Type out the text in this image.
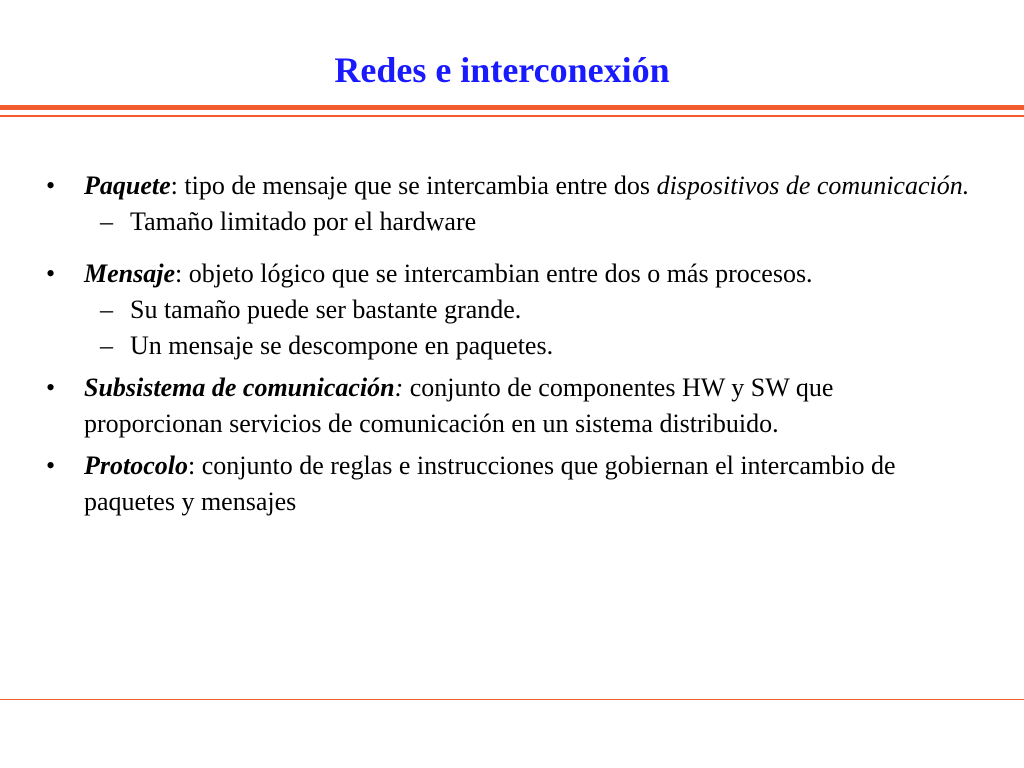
Redes e interconexión
• Paquete: tipo de mensaje que se intercambia entre dos dispositivos de comunicación.
– Tamaño limitado por el hardware
• Mensaje: objeto lógico que se intercambian entre dos o más procesos.
– Su tamaño puede ser bastante grande.
– Un mensaje se descompone en paquetes.
• Subsistema de comunicación: conjunto de componentes HW y SW que proporcionan servicios de comunicación en un sistema distribuido.
• Protocolo: conjunto de reglas e instrucciones que gobiernan el intercambio de paquetes y mensajes
